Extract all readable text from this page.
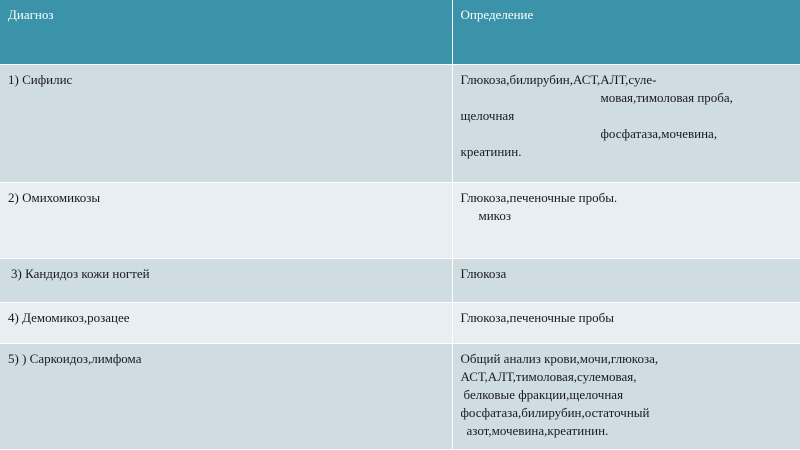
Диагноз	Определение
1) Сифилис	Глюкоза,билирубин,АСТ,АЛТ,суле-
мовая,тимоловая проба,
щелочная
фосфатаза,мочевина,
креатинин.

2) Омихомикозы	Глюкоза,печеночные пробы.
микоз

3) Кандидоз кожи ногтей	Глюкоза
4) Демомикоз,розацее	Глюкоза,печеночные пробы
5) ) Саркоидоз,лимфома	Общий анализ крови,мочи,глюкоза,
АСТ,АЛТ,тимоловая,сулемовая,
белковые фракции,щелочная
фосфатаза,билирубин,остаточный
азот,мочевина,креатинин.
